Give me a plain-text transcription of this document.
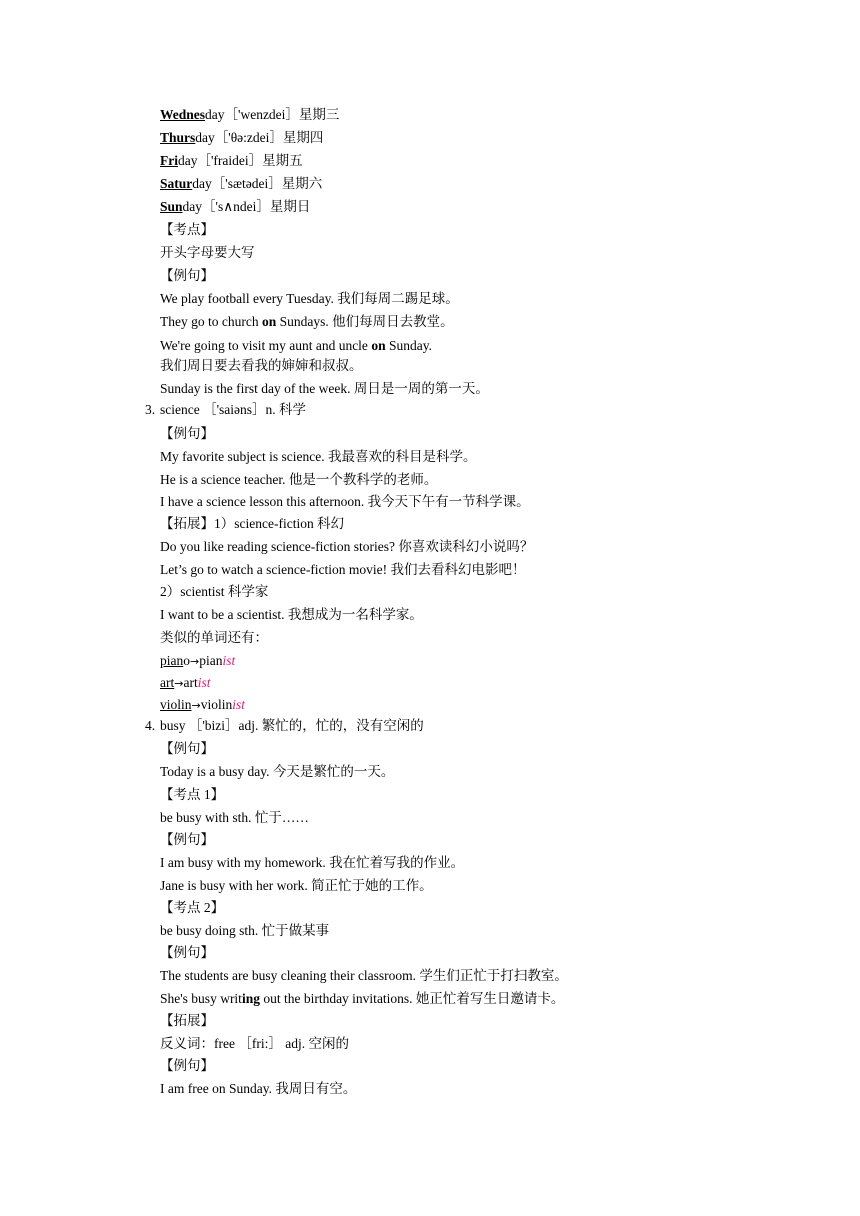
Wednesday［'wenzdei］星期三
Thursday［'θə:zdei］星期四
Friday［'fraidei］星期五
Saturday［'sætədei］星期六
Sunday［'s∧ndei］星期日
【考点】
开头字母要大写
【例句】
We play football every Tuesday. 我们每周二踢足球。
They go to church on Sundays. 他们每周日去教堂。
We're going to visit my aunt and uncle on Sunday.
我们周日要去看我的婶婶和叔叔。
Sunday is the first day of the week. 周日是一周的第一天。
3. science ［'saiəns］n. 科学
【例句】
My favorite subject is science. 我最喜欢的科目是科学。
He is a science teacher. 他是一个教科学的老师。
I have a science lesson this afternoon. 我今天下午有一节科学课。
【拓展】1）science-fiction 科幻
Do you like reading science-fiction stories? 你喜欢读科幻小说吗？
Let’s go to watch a science-fiction movie! 我们去看科幻电影吧！
2）scientist 科学家
I want to be a scientist. 我想成为一名科学家。
类似的单词还有：
piano→pianist
art→artist
violin→violinist
4. busy ［'bizi］adj. 繁忙的，忙的，没有空闲的
【例句】
Today is a busy day. 今天是繁忙的一天。
【考点 1】
be busy with sth. 忙于……
【例句】
I am busy with my homework. 我在忙着写我的作业。
Jane is busy with her work. 简正忙于她的工作。
【考点 2】
be busy doing sth. 忙于做某事
【例句】
The students are busy cleaning their classroom. 学生们正忙于打扫教室。
She's busy writing out the birthday invitations. 她正忙着写生日邀请卡。
【拓展】
反义词：free ［fri:］ adj. 空闲的
【例句】
I am free on Sunday. 我周日有空。
